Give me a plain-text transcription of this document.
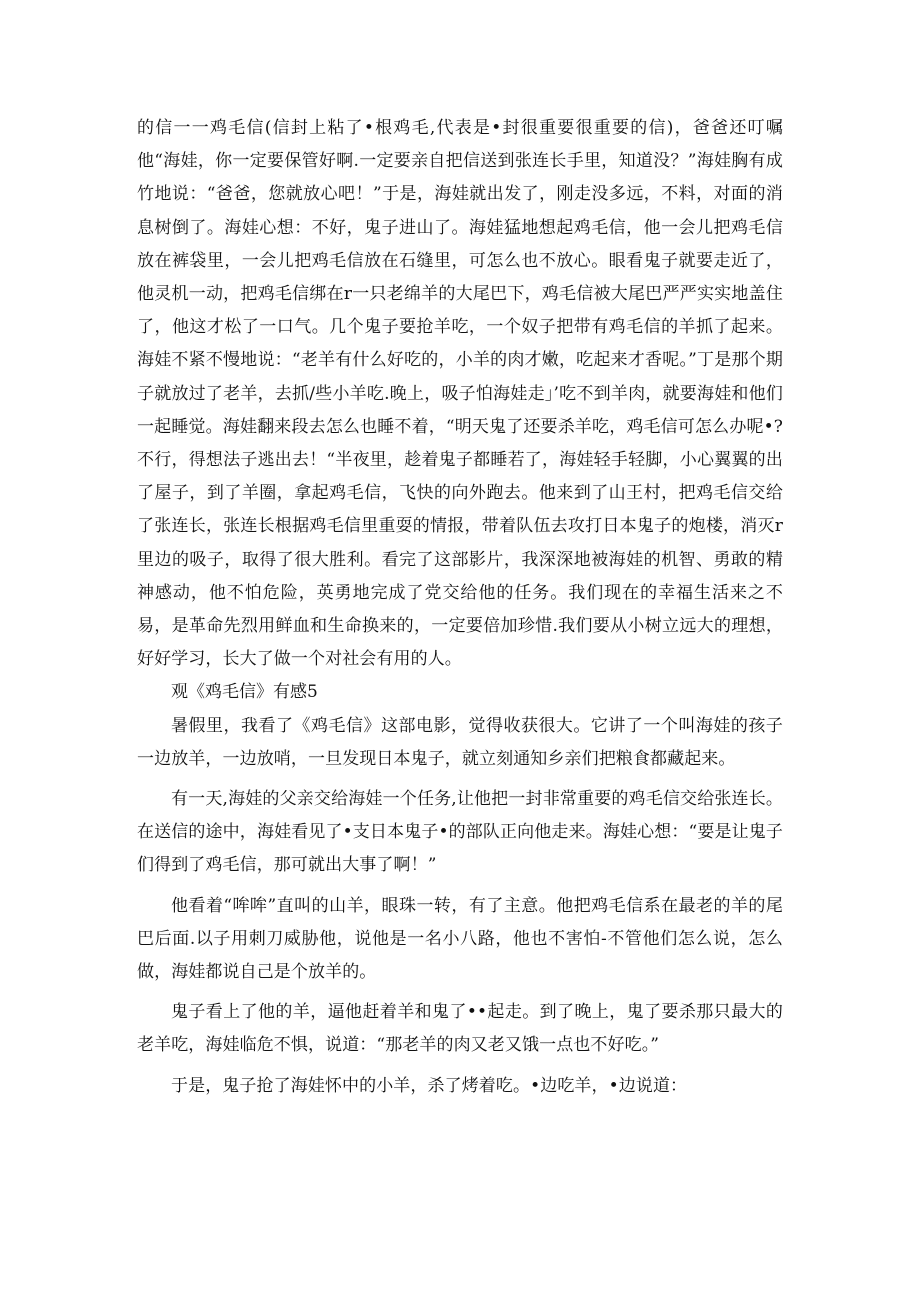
的信一一鸡毛信(信封上粘了•根鸡毛,代表是•封很重要很重要的信)，爸爸还叮嘱他“海娃，你一定要保管好啊.一定要亲自把信送到张连长手里，知道没？”海娃胸有成竹地说：“爸爸，您就放心吧！”于是，海娃就出发了，刚走没多远，不料，对面的消息树倒了。海娃心想：不好，鬼子进山了。海娃猛地想起鸡毛信，他一会儿把鸡毛信放在裤袋里，一会儿把鸡毛信放在石缝里，可怎么也不放心。眼看鬼子就要走近了，他灵机一动，把鸡毛信绑在r一只老绵羊的大尾巴下，鸡毛信被大尾巴严严实实地盖住了，他这才松了一口气。几个鬼子要抢羊吃，一个奴子把带有鸡毛信的羊抓了起来。海娃不紧不慢地说：“老羊有什么好吃的，小羊的肉才嫩，吃起来才香呢。”丁是那个期子就放过了老羊，去抓/些小羊吃.晚上，吸子怕海娃走」’吃不到羊肉，就要海娃和他们一起睡觉。海娃翻来段去怎么也睡不着，“明天鬼了还要杀羊吃，鸡毛信可怎么办呢•?不行，得想法子逃出去！“半夜里，趁着鬼子都睡若了，海娃轻手轻脚，小心翼翼的出了屋子，到了羊圈，拿起鸡毛信，飞快的向外跑去。他来到了山王村，把鸡毛信交给了张连长，张连长根据鸡毛信里重耍的情报，带着队伍去攻打日本鬼子的炮楼，消灭r里边的吸子，取得了很大胜利。看完了这部影片，我深深地被海娃的机智、勇敢的精神感动，他不怕危险，英勇地完成了党交给他的任务。我们现在的幸福生活来之不易，是革命先烈用鲜血和生命换来的，一定要倍加珍惜.我们要从小树立远大的理想，好好学习，长大了做一个对社会有用的人。

观《鸡毛信》有感5

暑假里，我看了《鸡毛信》这部电影，觉得收获很大。它讲了一个叫海娃的孩子一边放羊，一边放哨，一旦发现日本鬼子，就立刻通知乡亲们把粮食都藏起来。

有一天,海娃的父亲交给海娃一个任务,让他把一封非常重要的鸡毛信交给张连长。在送信的途中，海娃看见了•支日本鬼子•的部队正向他走来。海娃心想：“要是让鬼子们得到了鸡毛信，那可就出大事了啊！”

他看着“哞哞”直叫的山羊，眼珠一转，有了主意。他把鸡毛信系在最老的羊的尾巴后面.以子用刺刀威胁他，说他是一名小八路，他也不害怕-不管他们怎么说，怎么做，海娃都说自己是个放羊的。

鬼子看上了他的羊，逼他赶着羊和鬼了••起走。到了晚上，鬼了要杀那只最大的老羊吃，海娃临危不惧，说道：“那老羊的肉又老又饿一点也不好吃。”

于是，鬼子抢了海娃怀中的小羊，杀了烤着吃。•边吃羊，•边说道：
